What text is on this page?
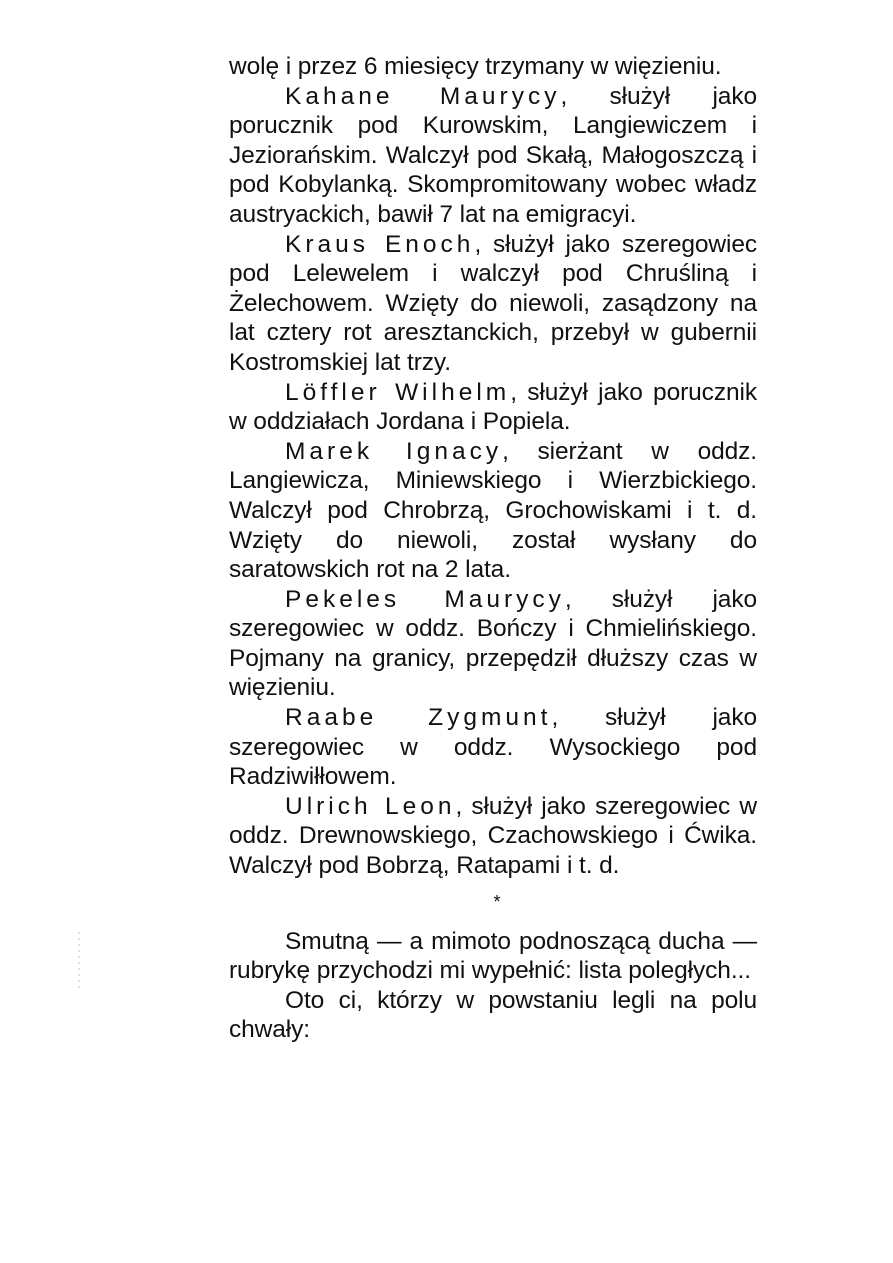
wolę i przez 6 miesięcy trzymany w więzieniu.

Kahane Maurycy, służył jako porucznik pod Kurowskim, Langiewiczem i Jeziorańskim. Walczył pod Skałą, Małogoszczą i pod Kobylanką. Skompromitowany wobec władz austryackich, bawił 7 lat na emigracyi.

Kraus Enoch, służył jako szeregowiec pod Lelewelem i walczył pod Chruśliną i Żelechowem. Wzięty do niewoli, zasądzony na lat cztery rot aresztanckich, przebył w gubernii Kostromskiej lat trzy.

Löffler Wilhelm, służył jako porucznik w oddziałach Jordana i Popiela.

Marek Ignacy, sierżant w oddz. Langiewicza, Miniewskiego i Wierzbickiego. Walczył pod Chrobrzą, Grochowiskami i t. d. Wzięty do niewoli, został wysłany do saratowskich rot na 2 lata.

Pekeles Maurycy, służył jako szeregowiec w oddz. Bończy i Chmielińskiego. Pojmany na granicy, przepędził dłuższy czas w więzieniu.

Raabe Zygmunt, służył jako szeregowiec w oddz. Wysockiego pod Radziwiłłowem.

Ulrich Leon, służył jako szeregowiec w oddz. Drewnowskiego, Czachowskiego i Ćwika. Walczył pod Bobrzą, Ratapami i t. d.

*

Smutną — a mimoto podnoszącą ducha — rubrykę przychodzi mi wypełnić: lista poległych...

Oto ci, którzy w powstaniu legli na polu chwały:
